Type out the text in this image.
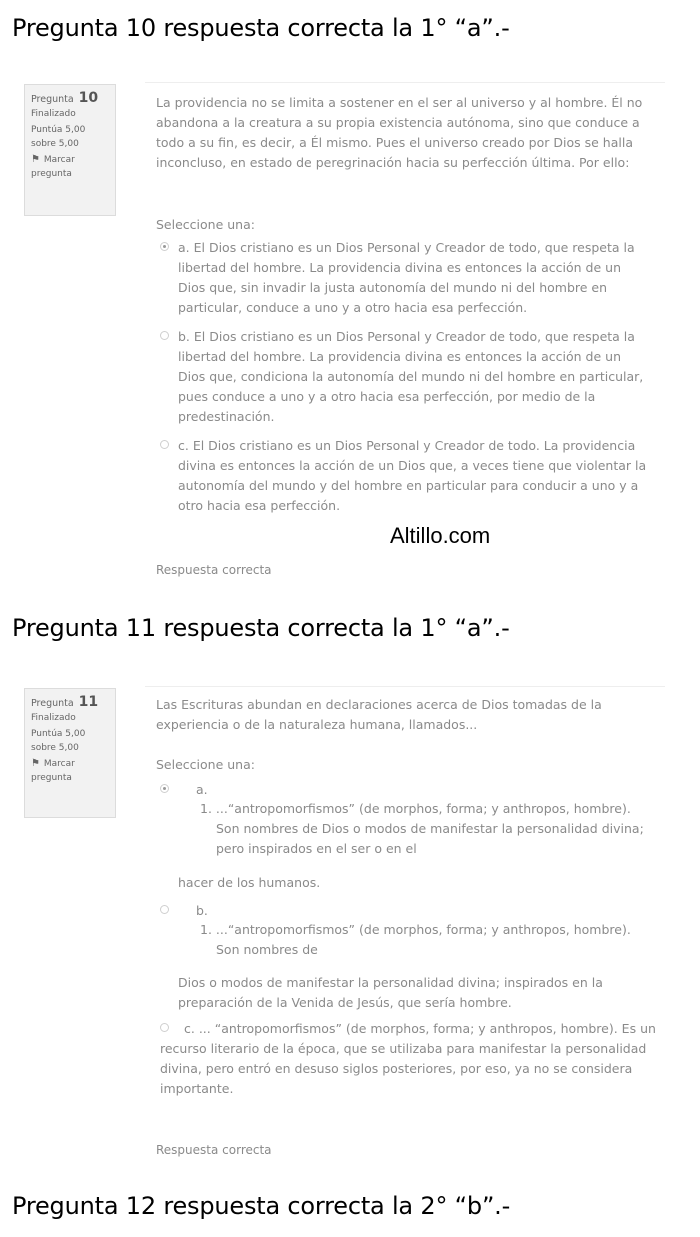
Pregunta 10 respuesta correcta la 1° “a”.-
Pregunta 10
Finalizado
Puntúa 5,00
sobre 5,00
⚑ Marcar
pregunta

La providencia no se limita a sostener en el ser al universo y al hombre. Él no abandona a la creatura a su propia existencia autónoma, sino que conduce a todo a su fin, es decir, a Él mismo. Pues el universo creado por Dios se halla inconcluso, en estado de peregrinación hacia su perfección última. Por ello:

Seleccione una:
a. El Dios cristiano es un Dios Personal y Creador de todo, que respeta la libertad del hombre. La providencia divina es entonces la acción de un Dios que, sin invadir la justa autonomía del mundo ni del hombre en particular, conduce a uno y a otro hacia esa perfección.
b. El Dios cristiano es un Dios Personal y Creador de todo, que respeta la libertad del hombre. La providencia divina es entonces la acción de un Dios que, condiciona la autonomía del mundo ni del hombre en particular, pues conduce a uno y a otro hacia esa perfección, por medio de la predestinación.
c. El Dios cristiano es un Dios Personal y Creador de todo. La providencia divina es entonces la acción de un Dios que, a veces tiene que violentar la autonomía del mundo y del hombre en particular para conducir a uno y a otro hacia esa perfección.
Altillo.com
Respuesta correcta
Pregunta 11 respuesta correcta la 1° “a”.-
Pregunta 11
Finalizado
Puntúa 5,00
sobre 5,00
⚑ Marcar
pregunta

Las Escrituras abundan en declaraciones acerca de Dios tomadas de la experiencia o de la naturaleza humana, llamados...

Seleccione una:
a.
1. ...“antropomorfismos” (de morphos, forma; y anthropos, hombre). Son nombres de Dios o modos de manifestar la personalidad divina; pero inspirados en el ser o en el
hacer de los humanos.
b.
1. ...“antropomorfismos” (de morphos, forma; y anthropos, hombre). Son nombres de
Dios o modos de manifestar la personalidad divina; inspirados en la preparación de la Venida de Jesús, que sería hombre.
c. ... “antropomorfismos” (de morphos, forma; y anthropos, hombre). Es un recurso literario de la época, que se utilizaba para manifestar la personalidad divina, pero entró en desuso siglos posteriores, por eso, ya no se considera importante.
Respuesta correcta
Pregunta 12 respuesta correcta la 2° “b”.-
